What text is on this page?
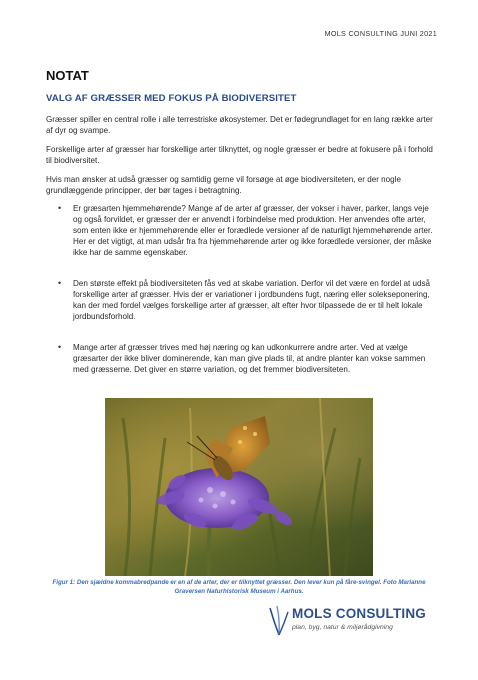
MOLS CONSULTING JUNI 2021
NOTAT
VALG AF GRÆSSER MED FOKUS PÅ BIODIVERSITET
Græsser spiller en central rolle i alle terrestriske økosystemer. Det er fødegrundlaget for en lang række arter af dyr og svampe.
Forskellige arter af græsser har forskellige arter tilknyttet, og nogle græsser er bedre at fokusere på i forhold til biodiversitet.
Hvis man ønsker at udså græsser og samtidig gerne vil forsøge at øge biodiversiteten, er der nogle grundlæggende principper, der bør tages i betragtning.
• Er græsarten hjemmehørende? Mange af de arter af græsser, der vokser i haver, parker, langs veje og også forvildet, er græsser der er anvendt i forbindelse med produktion. Her anvendes ofte arter, som enten ikke er hjemmehørende eller er forædlede versioner af de naturligt hjemmehørende arter. Her er det vigtigt, at man udsår fra fra hjemmehørende arter og ikke forædlede versioner, der måske ikke har de samme egenskaber.
• Den største effekt på biodiversiteten fås ved at skabe variation. Derfor vil det være en fordel at udså forskellige arter af græsser. Hvis der er variationer i jordbundens fugt, næring eller solekseponering, kan der med fordel vælges forskellige arter af græsser, alt efter hvor tilpassede de er til helt lokale jordbundsforhold.
• Mange arter af græsser trives med høj næring og kan udkonkurrere andre arter. Ved at vælge græsarter der ikke bliver dominerende, kan man give plads til, at andre planter kan vokse sammen med græsserne. Det giver en større variation, og det fremmer biodiversiteten.
Figur 1: Den sjældne kommabredpande er en af de arter, der er tilknyttet græsser. Den lever kun på fåre-svingel. Foto Marianne Graversen Naturhistorisk Museum i Aarhus.
MOLS CONSULTING
plan, byg, natur & miljørådgivning
